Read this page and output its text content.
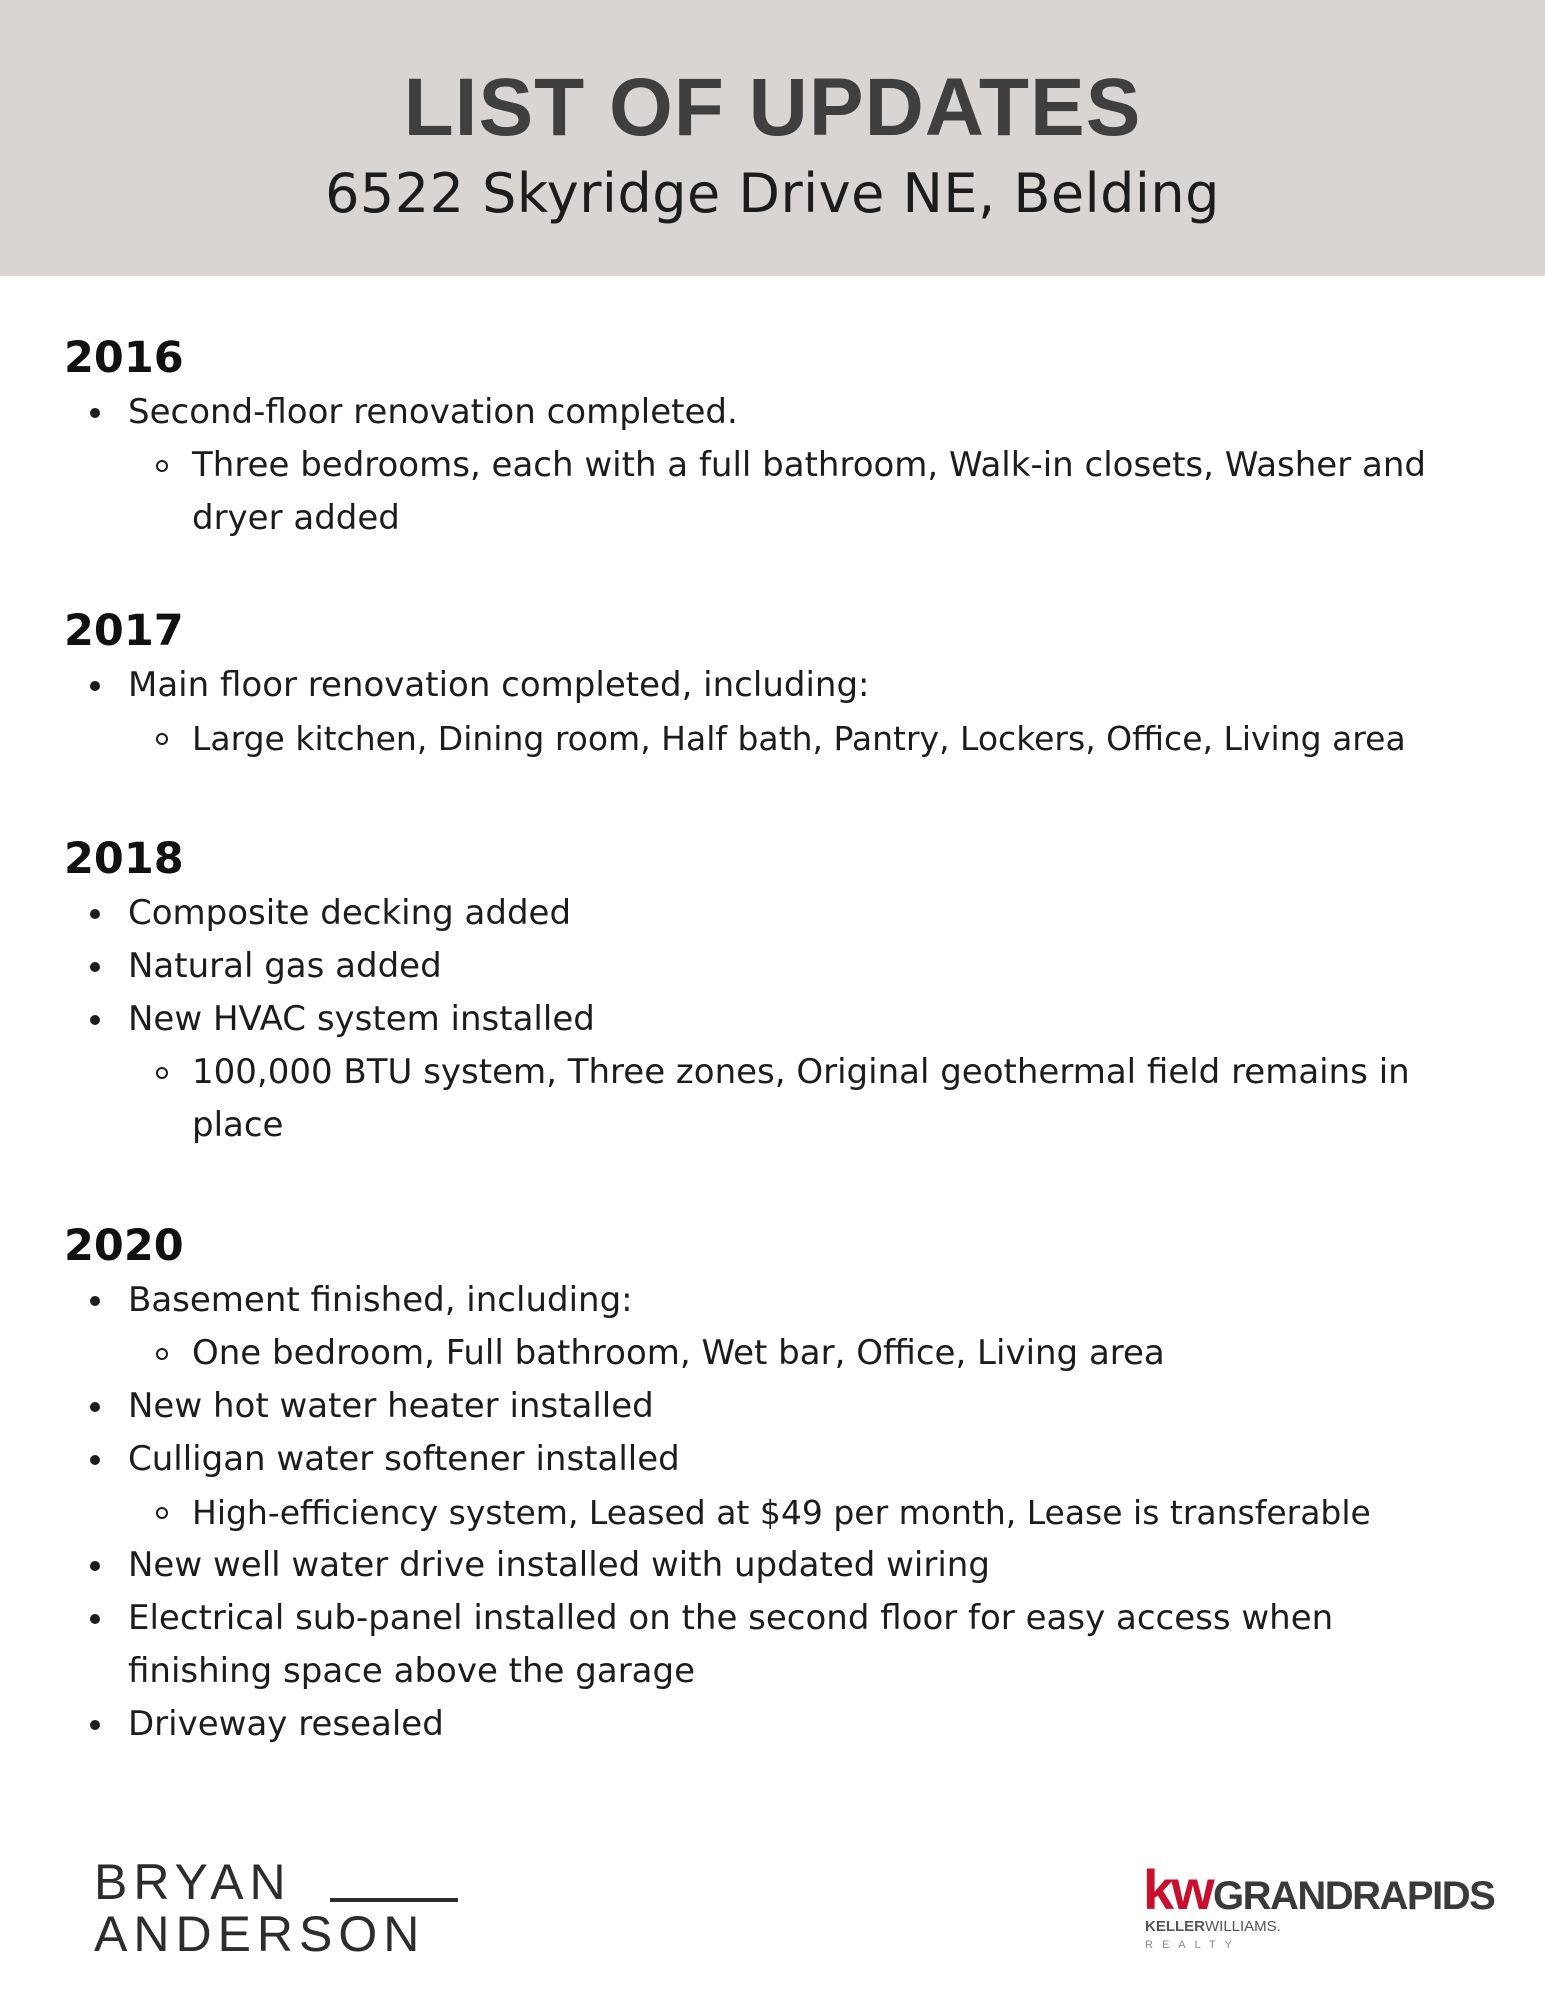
LIST OF UPDATES
6522 Skyridge Drive NE, Belding
2016
Second-floor renovation completed.
Three bedrooms, each with a full bathroom, Walk-in closets, Washer and dryer added
2017
Main floor renovation completed, including:
Large kitchen, Dining room, Half bath, Pantry, Lockers, Office, Living area
2018
Composite decking added
Natural gas added
New HVAC system installed
100,000 BTU system, Three zones, Original geothermal field remains in place
2020
Basement finished, including:
One bedroom, Full bathroom, Wet bar, Office, Living area
New hot water heater installed
Culligan water softener installed
High-efficiency system, Leased at $49 per month, Lease is transferable
New well water drive installed with updated wiring
Electrical sub-panel installed on the second floor for easy access when finishing space above the garage
Driveway resealed
BRYAN
ANDERSON
kw GRANDRAPIDS
KELLERWILLIAMS.
REALTY
